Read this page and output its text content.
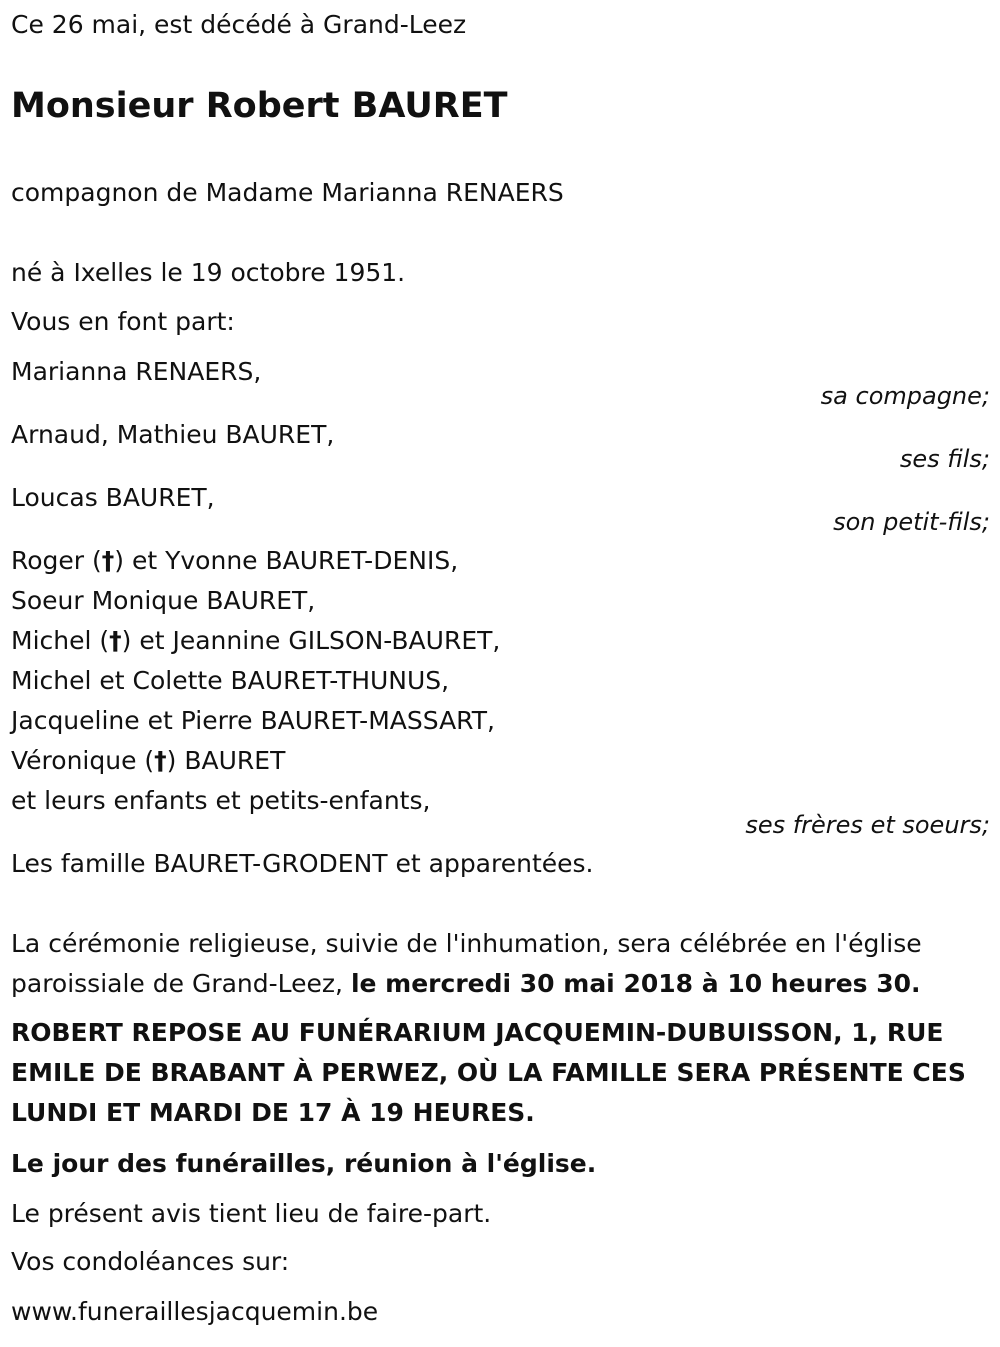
Ce 26 mai, est décédé à Grand-Leez
Monsieur Robert BAURET
compagnon de Madame Marianna RENAERS
né à Ixelles le 19 octobre 1951.
Vous en font part:
Marianna RENAERS,
sa compagne;
Arnaud, Mathieu BAURET,
ses fils;
Loucas BAURET,
son petit-fils;
Roger (†) et Yvonne BAURET-DENIS,
Soeur Monique BAURET,
Michel (†) et Jeannine GILSON-BAURET,
Michel et Colette BAURET-THUNUS,
Jacqueline et Pierre BAURET-MASSART,
Véronique (†) BAURET
et leurs enfants et petits-enfants,
ses frères et soeurs;
Les famille BAURET-GRODENT et apparentées.
La cérémonie religieuse, suivie de l'inhumation, sera célébrée en l'église
paroissiale de Grand-Leez, le mercredi 30 mai 2018 à 10 heures 30.
ROBERT REPOSE AU FUNÉRARIUM JACQUEMIN-DUBUISSON, 1, RUE
EMILE DE BRABANT À PERWEZ, OÙ LA FAMILLE SERA PRÉSENTE CES
LUNDI ET MARDI DE 17 À 19 HEURES.
Le jour des funérailles, réunion à l'église.
Le présent avis tient lieu de faire-part.
Vos condoléances sur:
www.funeraillesjacquemin.be
